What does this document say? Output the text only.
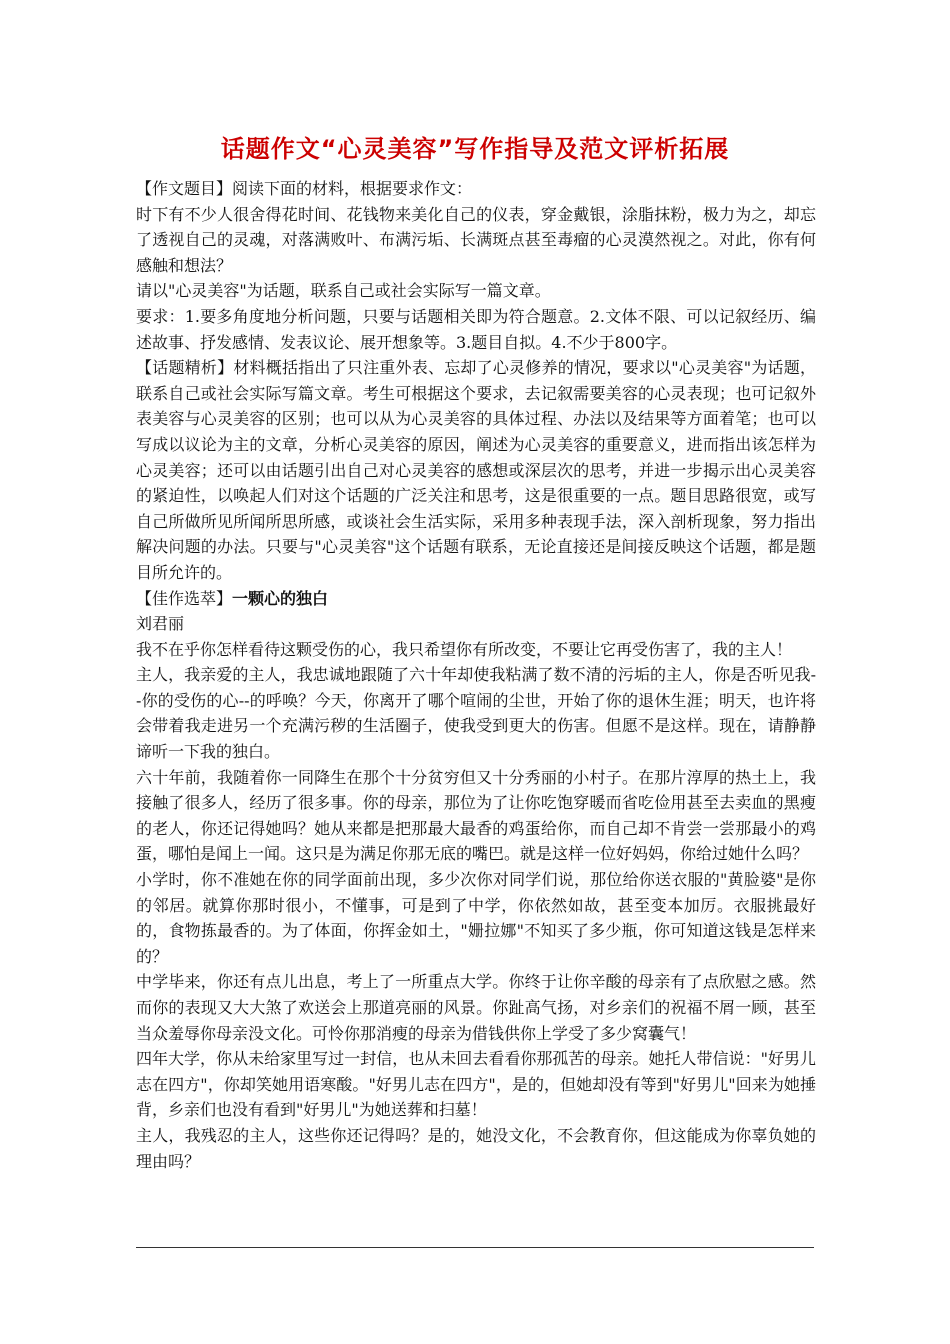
话题作文“心灵美容”写作指导及范文评析拓展

【作文题目】阅读下面的材料，根据要求作文：

时下有不少人很舍得花时间、花钱物来美化自己的仪表，穿金戴银，涂脂抹粉，极力为之，却忘了透视自己的灵魂，对落满败叶、布满污垢、长满斑点甚至毒瘤的心灵漠然视之。对此，你有何感触和想法？

请以"心灵美容"为话题，联系自己或社会实际写一篇文章。

要求：1.要多角度地分析问题，只要与话题相关即为符合题意。2.文体不限、可以记叙经历、编述故事、抒发感情、发表议论、展开想象等。3.题目自拟。4.不少于800字。

【话题精析】材料概括指出了只注重外表、忘却了心灵修养的情况，要求以"心灵美容"为话题，联系自己或社会实际写篇文章。考生可根据这个要求，去记叙需要美容的心灵表现；也可记叙外表美容与心灵美容的区别；也可以从为心灵美容的具体过程、办法以及结果等方面着笔；也可以写成以议论为主的文章，分析心灵美容的原因，阐述为心灵美容的重要意义，进而指出该怎样为心灵美容；还可以由话题引出自己对心灵美容的感想或深层次的思考，并进一步揭示出心灵美容的紧迫性，以唤起人们对这个话题的广泛关注和思考，这是很重要的一点。题目思路很宽，或写自己所做所见所闻所思所感，或谈社会生活实际，采用多种表现手法，深入剖析现象，努力指出解决问题的办法。只要与"心灵美容"这个话题有联系，无论直接还是间接反映这个话题，都是题目所允许的。

【佳作选萃】一颗心的独白

刘君丽

我不在乎你怎样看待这颗受伤的心，我只希望你有所改变，不要让它再受伤害了，我的主人！

主人，我亲爱的主人，我忠诚地跟随了六十年却使我粘满了数不清的污垢的主人，你是否听见我--你的受伤的心--的呼唤？今天，你离开了哪个喧闹的尘世，开始了你的退休生涯；明天，也许将会带着我走进另一个充满污秽的生活圈子，使我受到更大的伤害。但愿不是这样。现在，请静静谛听一下我的独白。

六十年前，我随着你一同降生在那个十分贫穷但又十分秀丽的小村子。在那片淳厚的热土上，我接触了很多人，经历了很多事。你的母亲，那位为了让你吃饱穿暖而省吃俭用甚至去卖血的黑瘦的老人，你还记得她吗？她从来都是把那最大最香的鸡蛋给你，而自己却不肯尝一尝那最小的鸡蛋，哪怕是闻上一闻。这只是为满足你那无底的嘴巴。就是这样一位好妈妈，你给过她什么吗？

小学时，你不准她在你的同学面前出现，多少次你对同学们说，那位给你送衣服的"黄脸婆"是你的邻居。就算你那时很小，不懂事，可是到了中学，你依然如故，甚至变本加厉。衣服挑最好的，食物拣最香的。为了体面，你挥金如土，"姗拉娜"不知买了多少瓶，你可知道这钱是怎样来的？

中学毕来，你还有点儿出息，考上了一所重点大学。你终于让你辛酸的母亲有了点欣慰之感。然而你的表现又大大煞了欢送会上那道亮丽的风景。你趾高气扬，对乡亲们的祝福不屑一顾，甚至当众羞辱你母亲没文化。可怜你那消瘦的母亲为借钱供你上学受了多少窝囊气！

四年大学，你从未给家里写过一封信，也从未回去看看你那孤苦的母亲。她托人带信说："好男儿志在四方"，你却笑她用语寒酸。"好男儿志在四方"，是的，但她却没有等到"好男儿"回来为她捶背，乡亲们也没有看到"好男儿"为她送葬和扫墓！

主人，我残忍的主人，这些你还记得吗？是的，她没文化，不会教育你，但这能成为你辜负她的理由吗？
